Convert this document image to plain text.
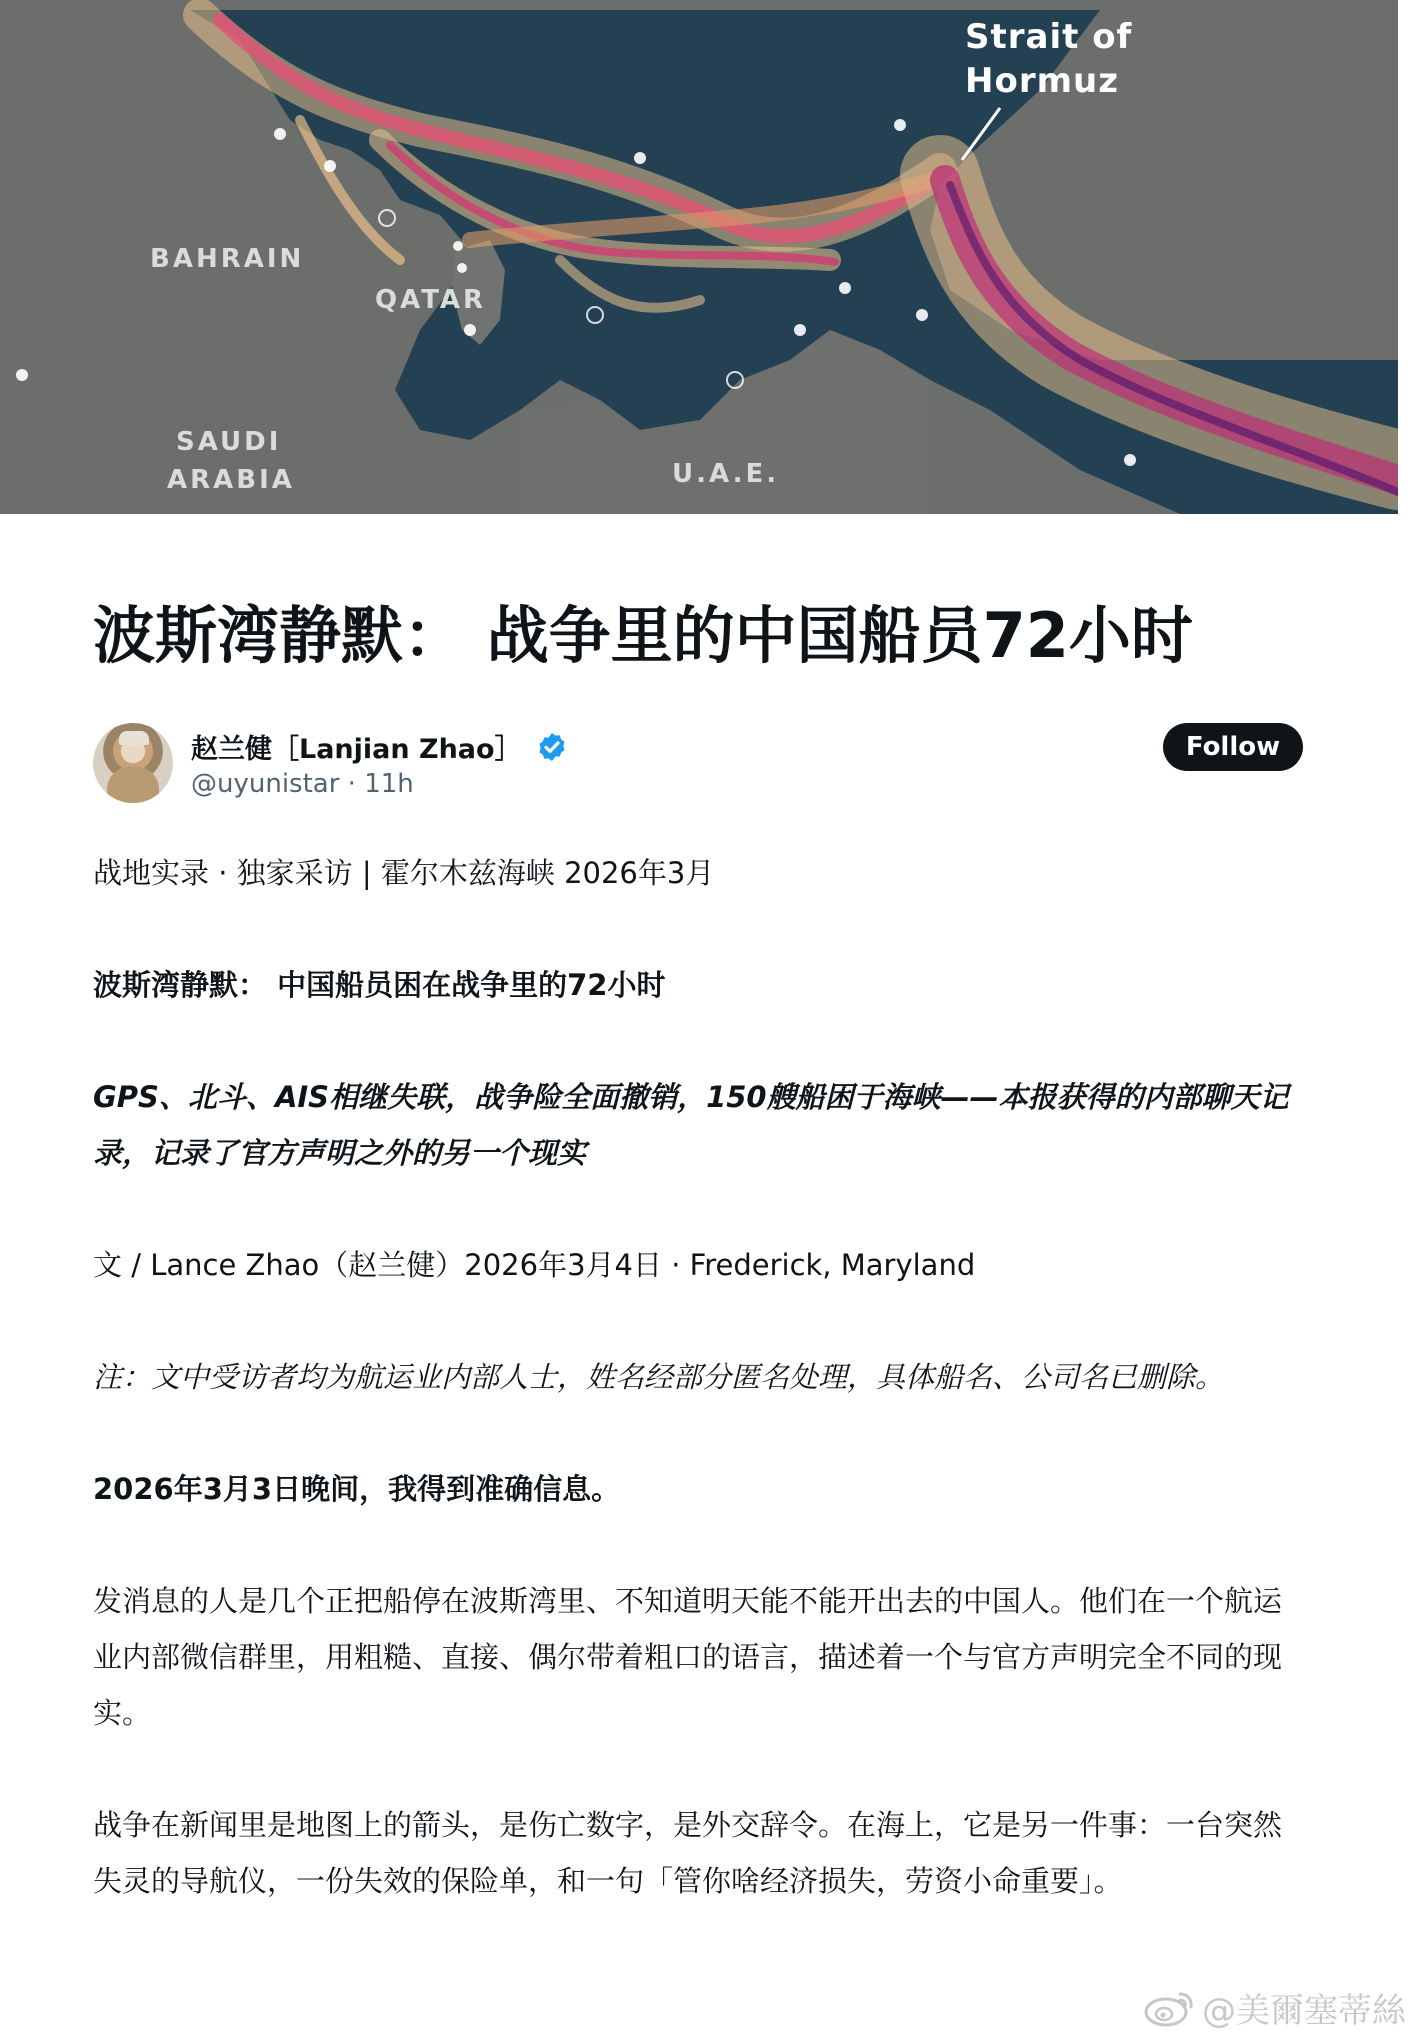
Strait of
Hormuz
BAHRAIN
QATAR
SAUDI
ARABIA	U.A.E.
波斯湾静默： 战争里的中国船员72小时
赵兰健［Lanjian Zhao］
@uyunistar · 11h
Follow

战地实录 · 独家采访 | 霍尔木兹海峡 2026年3月

波斯湾静默： 中国船员困在战争里的72小时

GPS、北斗、AIS相继失联，战争险全面撤销，150艘船困于海峡——本报获得的内部聊天记录，记录了官方声明之外的另一个现实

文 / Lance Zhao（赵兰健）2026年3月4日 · Frederick, Maryland

注：文中受访者均为航运业内部人士，姓名经部分匿名处理，具体船名、公司名已删除。

2026年3月3日晚间，我得到准确信息。

发消息的人是几个正把船停在波斯湾里、不知道明天能不能开出去的中国人。他们在一个航运业内部微信群里，用粗糙、直接、偶尔带着粗口的语言，描述着一个与官方声明完全不同的现实。

战争在新闻里是地图上的箭头，是伤亡数字，是外交辞令。在海上，它是另一件事：一台突然失灵的导航仪，一份失效的保险单，和一句「管你啥经济损失，劳资小命重要」。

@美爾塞蒂絲
